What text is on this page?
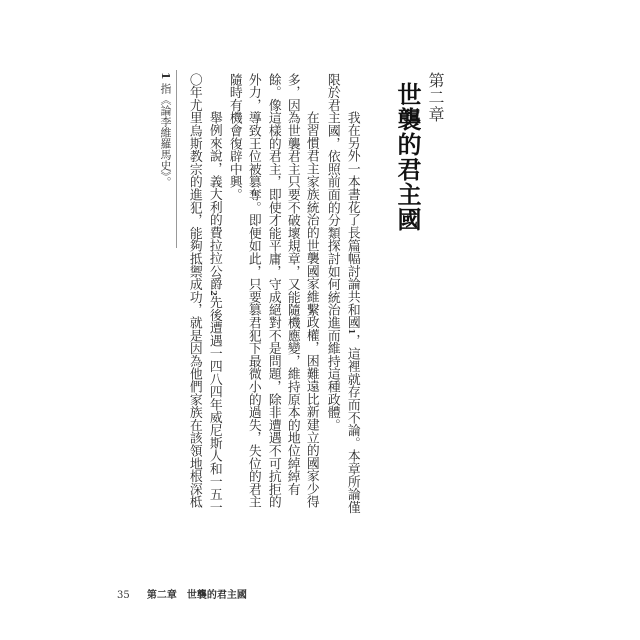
第二章
世襲的君主國
我在另外一本書花了長篇幅討論共和國1，這裡就存而不論。本章所論僅
限於君主國，依照前面的分類探討如何統治進而維持這種政體。
在習慣君主家族統治的世襲國家維繫政權，困難遠比新建立的國家少得
多，因為世襲君主只要不破壞規章，又能隨機應變，維持原本的地位綽綽有
餘。像這樣的君主，即使才能平庸，守成絕對不是問題，除非遭遇不可抗拒的
外力，導致王位被篡奪。即便如此，只要篡君犯下最微小的過失，失位的君主
隨時有機會復辟中興。
舉例來說，義大利的費拉拉公爵2先後遭遇一四八四年威尼斯人和一五一
〇年尤里烏斯教宗的進犯，能夠抵禦成功，就是因為他們家族在該領地根深柢
1指《論李維羅馬史》。
35 第二章　世襲的君主國
